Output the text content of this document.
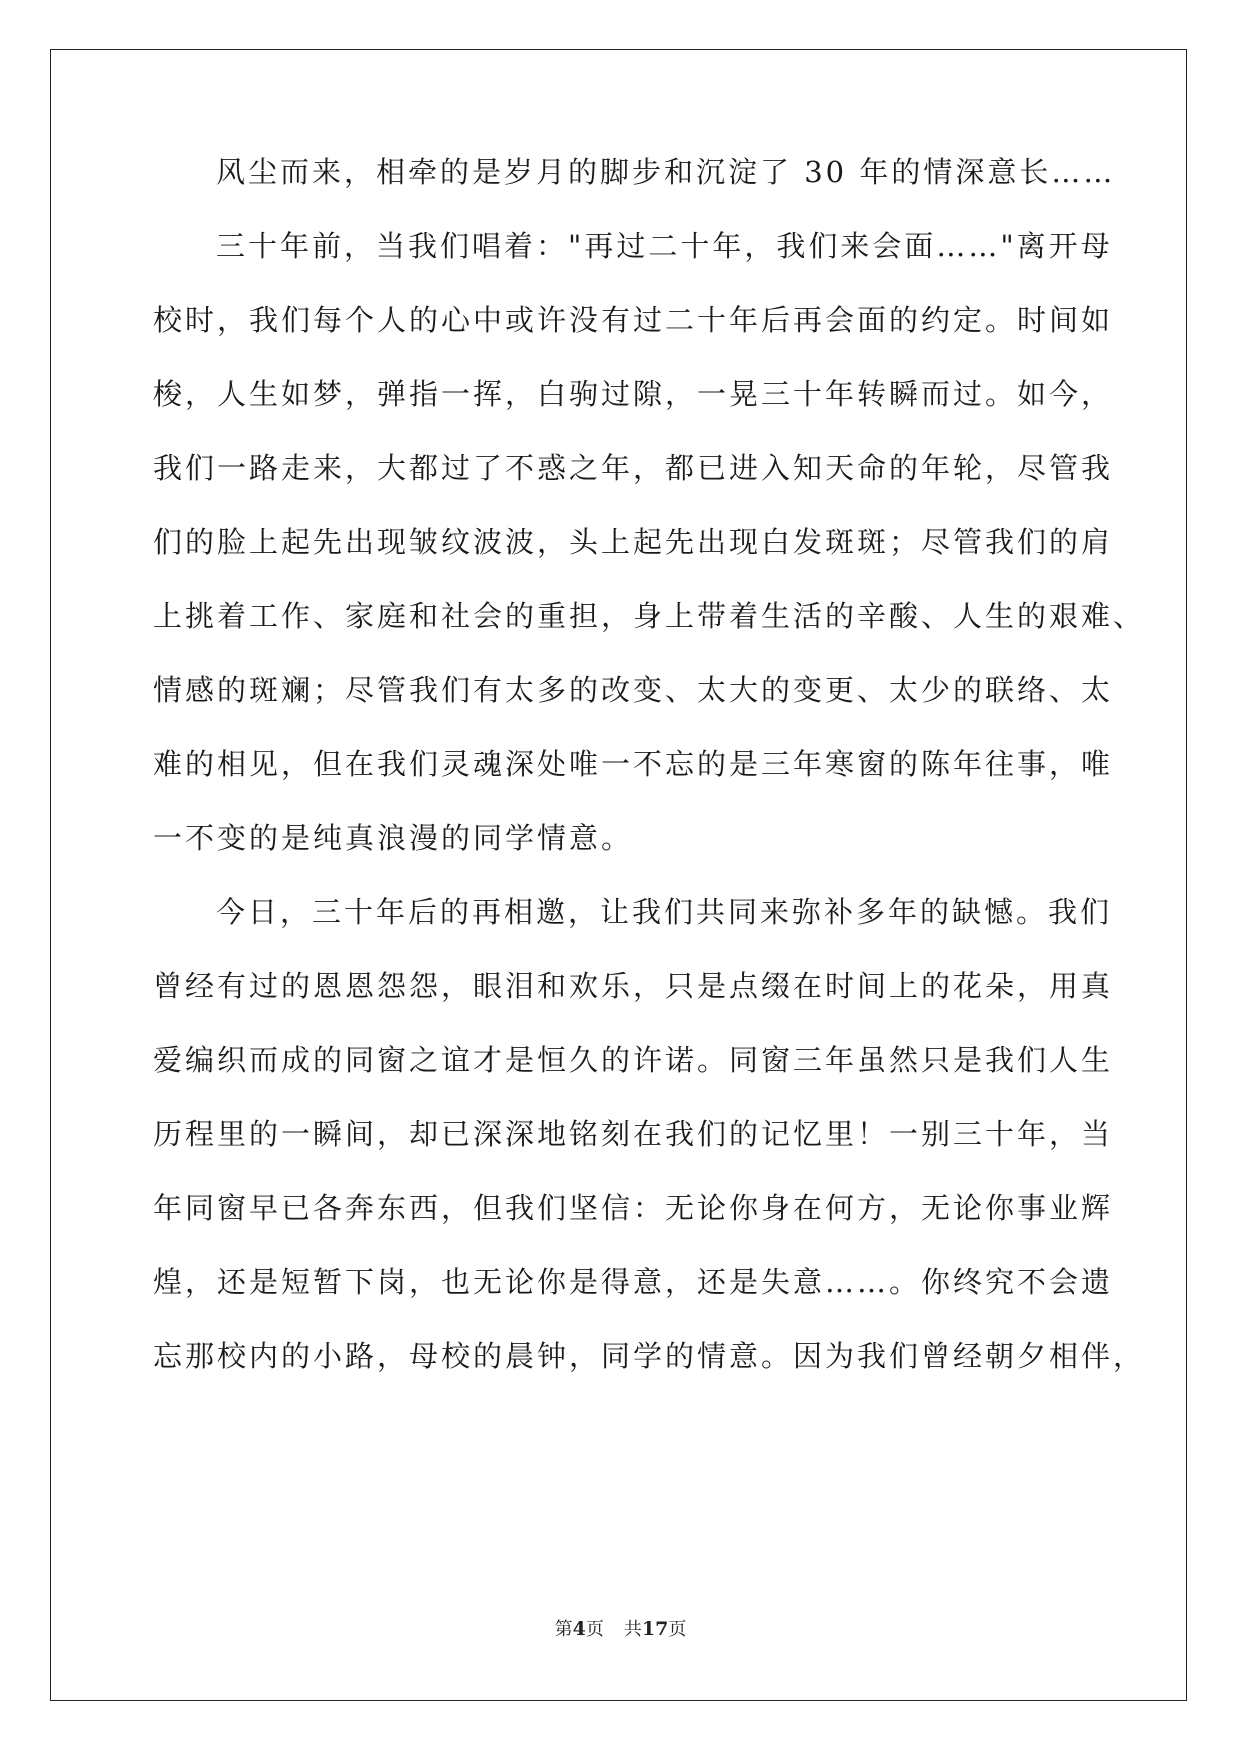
风尘而来，相牵的是岁月的脚步和沉淀了 30 年的情深意长……
三十年前，当我们唱着："再过二十年，我们来会面……"离开母
校时，我们每个人的心中或许没有过二十年后再会面的约定。时间如
梭，人生如梦，弹指一挥，白驹过隙，一晃三十年转瞬而过。如今，
我们一路走来，大都过了不惑之年，都已进入知天命的年轮，尽管我
们的脸上起先出现皱纹波波，头上起先出现白发斑斑；尽管我们的肩
上挑着工作、家庭和社会的重担，身上带着生活的辛酸、人生的艰难、
情感的斑斓；尽管我们有太多的改变、太大的变更、太少的联络、太
难的相见，但在我们灵魂深处唯一不忘的是三年寒窗的陈年往事，唯
一不变的是纯真浪漫的同学情意。
今日，三十年后的再相邀，让我们共同来弥补多年的缺憾。我们
曾经有过的恩恩怨怨，眼泪和欢乐，只是点缀在时间上的花朵，用真
爱编织而成的同窗之谊才是恒久的许诺。同窗三年虽然只是我们人生
历程里的一瞬间，却已深深地铭刻在我们的记忆里！一别三十年，当
年同窗早已各奔东西，但我们坚信：无论你身在何方，无论你事业辉
煌，还是短暂下岗，也无论你是得意，还是失意……。你终究不会遗
忘那校内的小路，母校的晨钟，同学的情意。因为我们曾经朝夕相伴，
第4页 共17页
